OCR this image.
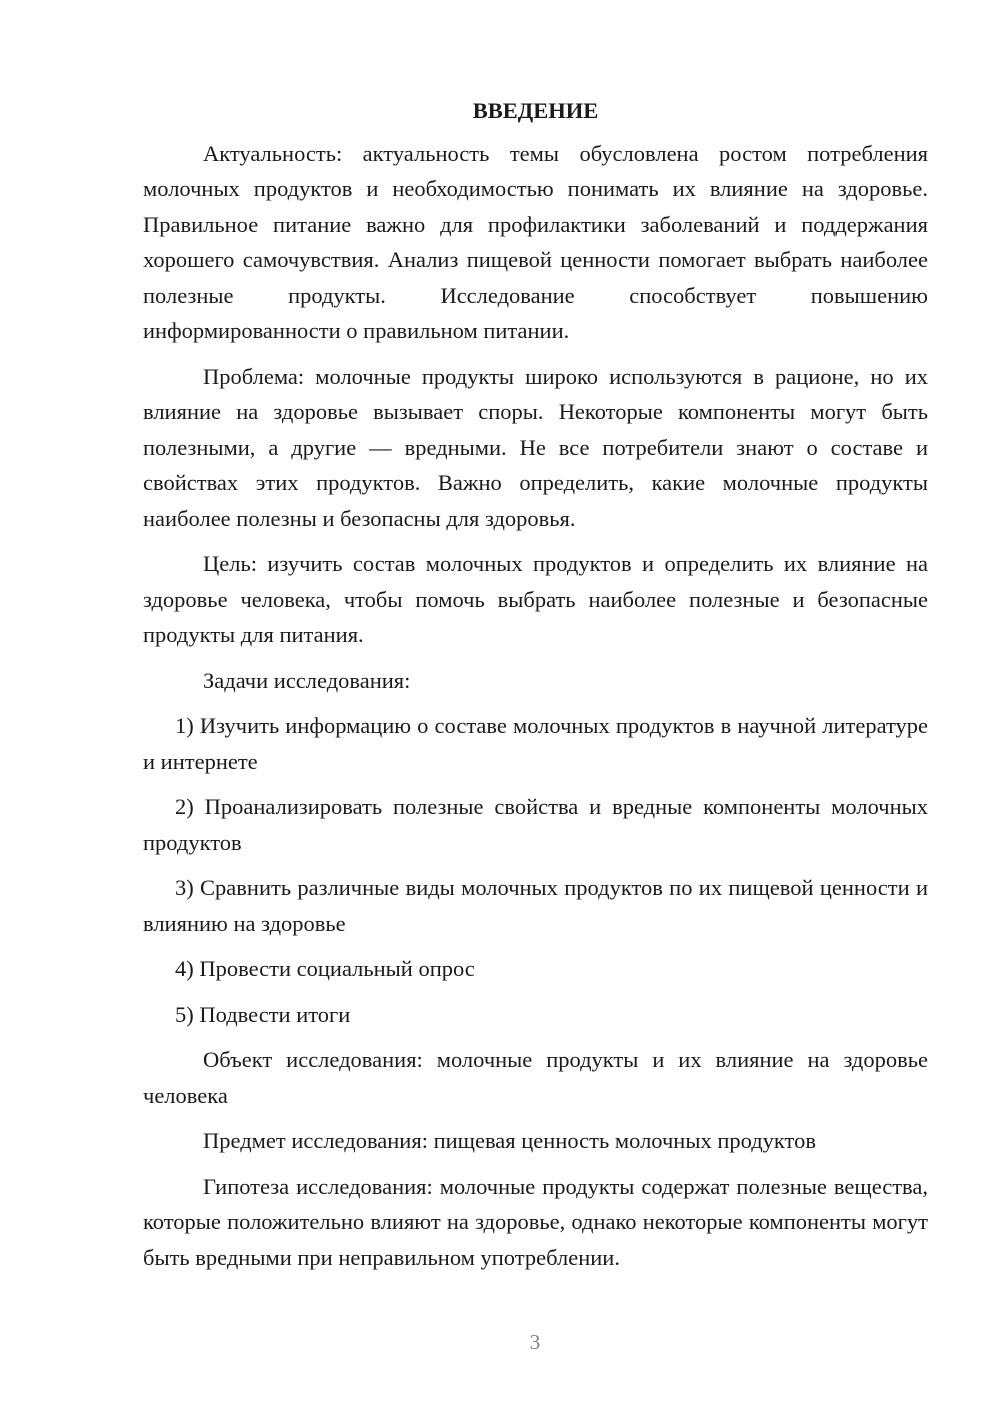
ВВЕДЕНИЕ

Актуальность: актуальность темы обусловлена ростом потребления молочных продуктов и необходимостью понимать их влияние на здоровье. Правильное питание важно для профилактики заболеваний и поддержания хорошего самочувствия. Анализ пищевой ценности помогает выбрать наиболее полезные продукты. Исследование способствует повышению информированности о правильном питании.

Проблема: молочные продукты широко используются в рационе, но их влияние на здоровье вызывает споры. Некоторые компоненты могут быть полезными, а другие — вредными. Не все потребители знают о составе и свойствах этих продуктов. Важно определить, какие молочные продукты наиболее полезны и безопасны для здоровья.

Цель: изучить состав молочных продуктов и определить их влияние на здоровье человека, чтобы помочь выбрать наиболее полезные и безопасные продукты для питания.

Задачи исследования:

1) Изучить информацию о составе молочных продуктов в научной литературе и интернете

2) Проанализировать полезные свойства и вредные компоненты молочных продуктов

3) Сравнить различные виды молочных продуктов по их пищевой ценности и влиянию на здоровье

4) Провести социальный опрос

5) Подвести итоги

Объект исследования: молочные продукты и их влияние на здоровье человека

Предмет исследования: пищевая ценность молочных продуктов

Гипотеза исследования: молочные продукты содержат полезные вещества, которые положительно влияют на здоровье, однако некоторые компоненты могут быть вредными при неправильном употреблении.

3
